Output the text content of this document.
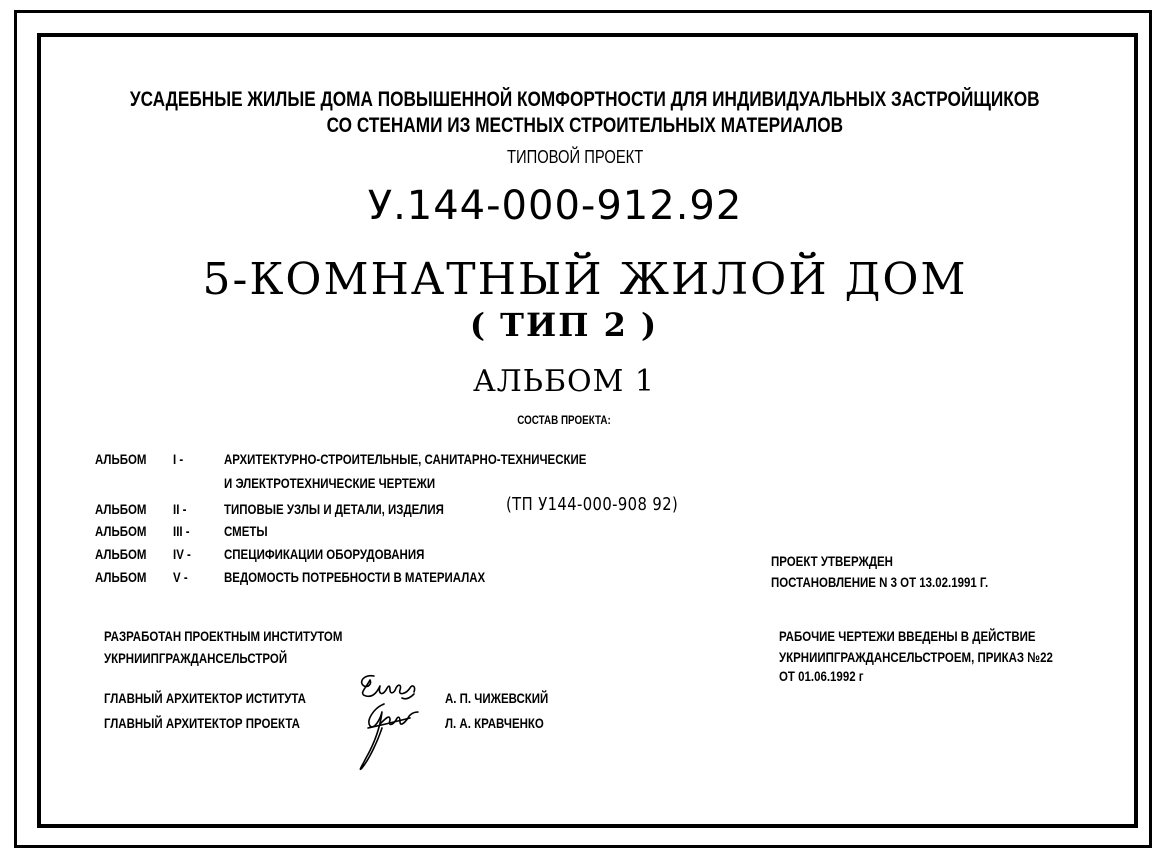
УСАДЕБНЫЕ ЖИЛЫЕ ДОМА ПОВЫШЕННОЙ КОМФОРТНОСТИ ДЛЯ ИНДИВИДУАЛЬНЫХ ЗАСТРОЙЩИКОВ
СО СТЕНАМИ ИЗ МЕСТНЫХ СТРОИТЕЛЬНЫХ МАТЕРИАЛОВ
ТИПОВОЙ ПРОЕКТ
У.144-000-912.92
5-КОМНАТНЫЙ ЖИЛОЙ ДОМ
( ТИП 2 )
АЛЬБОМ 1
СОСТАВ ПРОЕКТА:
АЛЬБОМ	I -	АРХИТЕКТУРНО-СТРОИТЕЛЬНЫЕ, САНИТАРНО-ТЕХНИЧЕСКИЕ
И ЭЛЕКТРОТЕХНИЧЕСКИЕ ЧЕРТЕЖИ
АЛЬБОМ	II -	ТИПОВЫЕ УЗЛЫ И ДЕТАЛИ, ИЗДЕЛИЯ	(ТП У144-000-908 92)
АЛЬБОМ	III - СМЕТЫ
АЛЬБОМ	IV - СПЕЦИФИКАЦИИ ОБОРУДОВАНИЯ
АЛЬБОМ	V -	ВЕДОМОСТЬ ПОТРЕБНОСТИ В МАТЕРИАЛАХ
ПРОЕКТ УТВЕРЖДЕН
ПОСТАНОВЛЕНИЕ N 3 ОТ 13.02.1991 Г.
РАЗРАБОТАН ПРОЕКТНЫМ ИНСТИТУТОМ
УКРНИИПГРАЖДАНСЕЛЬСТРОЙ
РАБОЧИЕ ЧЕРТЕЖИ ВВЕДЕНЫ В ДЕЙСТВИЕ
УКРНИИПГРАЖДАНСЕЛЬСТРОЕМ, ПРИКАЗ №22
ОТ 01.06.1992 г
ГЛАВНЫЙ АРХИТЕКТОР ИСТИТУТА	А. П. ЧИЖЕВСКИЙ
ГЛАВНЫЙ АРХИТЕКТОР ПРОЕКТА	Л. А. КРАВЧЕНКО
